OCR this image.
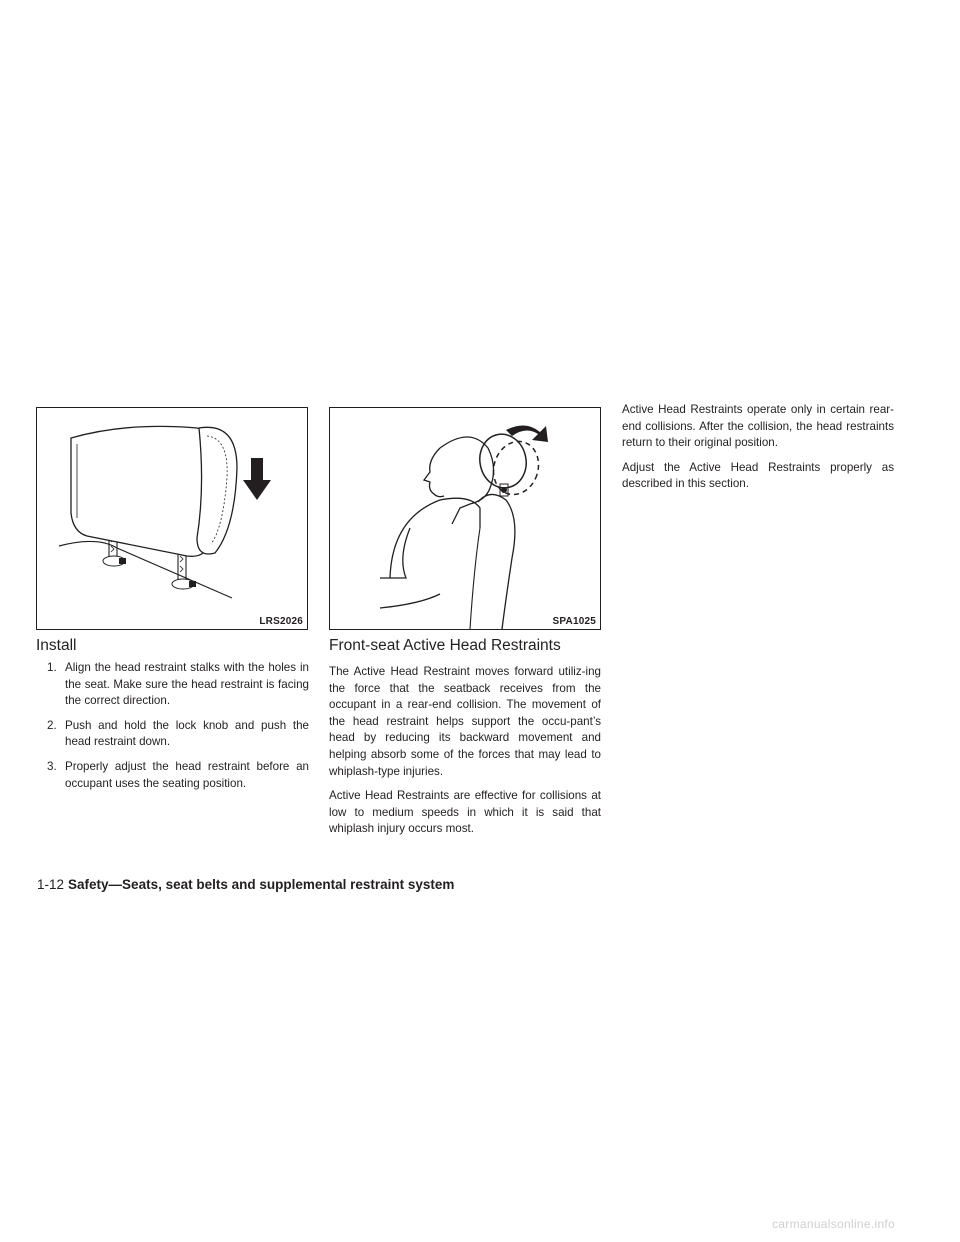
LRS2026	SPA1025
Install
1. Align the head restraint stalks with the holes in the seat. Make sure the head restraint is facing the correct direction.
2. Push and hold the lock knob and push the head restraint down.
3. Properly adjust the head restraint before an occupant uses the seating position.
Front-seat Active Head Restraints

The Active Head Restraint moves forward utiliz-ing the force that the seatback receives from the occupant in a rear-end collision. The movement of the head restraint helps support the occu-pant’s head by reducing its backward movement and helping absorb some of the forces that may lead to whiplash-type injuries.

Active Head Restraints are effective for collisions at low to medium speeds in which it is said that whiplash injury occurs most.

Active Head Restraints operate only in certain rear-end collisions. After the collision, the head restraints return to their original position.

Adjust the Active Head Restraints properly as described in this section.

1-12 Safety—Seats, seat belts and supplemental restraint system
carmanualsonline.info
